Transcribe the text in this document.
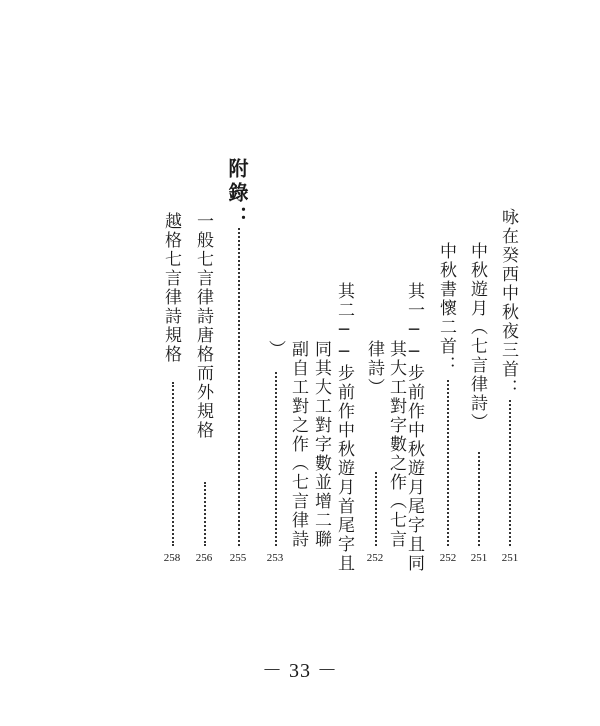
咏在癸西中秋夜三首：
251
中秋遊月（七言律詩）
251
中秋書懷二首：
252
其一──步前作中秋遊月尾字且同
其大工對字數之作（七言
律詩）
252
其二──步前作中秋遊月首尾字且
同其大工對字數並增二聯
副自工對之作（七言律詩
）
253
附錄：
255
一般七言律詩唐格而外規格
256
越格七言律詩規格
258
－ 33 －
